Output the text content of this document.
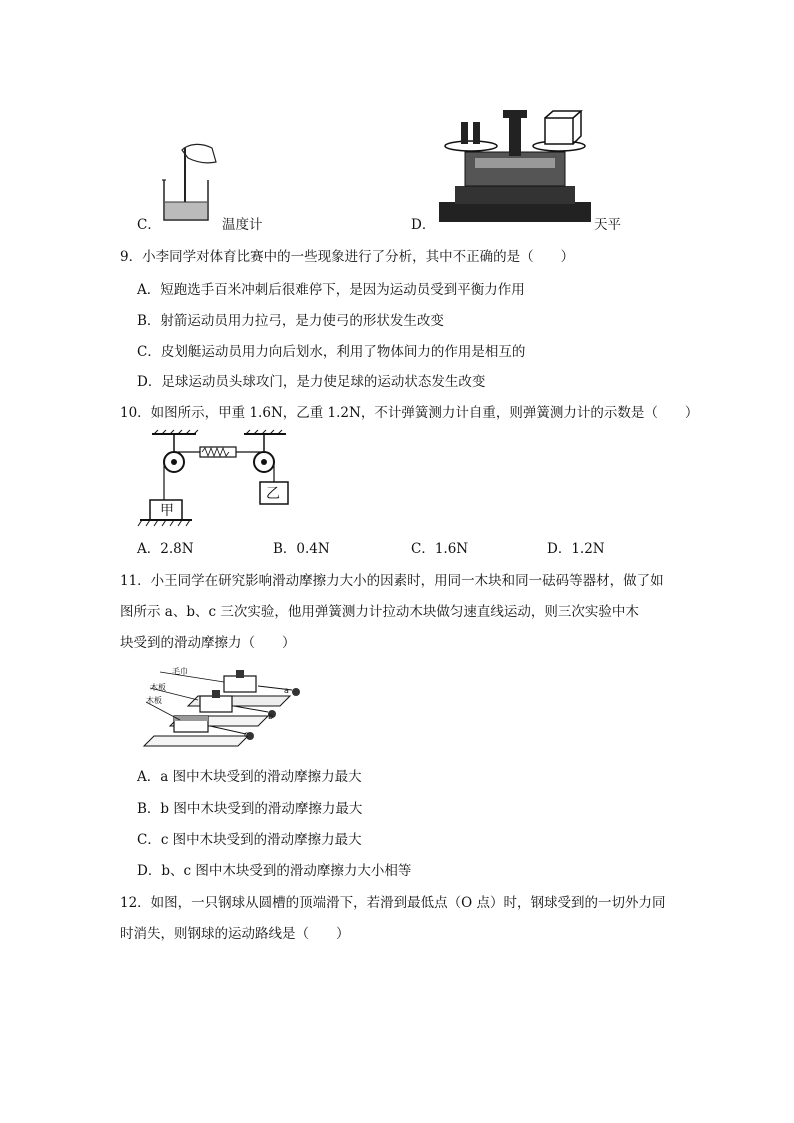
C．	温度计	D．	天平
9．小李同学对体育比赛中的一些现象进行了分析，其中不正确的是（　　）
A．短跑选手百米冲刺后很难停下，是因为运动员受到平衡力作用
B．射箭运动员用力拉弓，是力使弓的形状发生改变
C．皮划艇运动员用力向后划水，利用了物体间力的作用是相互的
D．足球运动员头球攻门，是力使足球的运动状态发生改变
10．如图所示，甲重 1.6N，乙重 1.2N，不计弹簧测力计自重，则弹簧测力计的示数是（　　）
甲
乙
A．2.8N	B．0.4N	C．1.6N	D．1.2N
11．小王同学在研究影响滑动摩擦力大小的因素时，用同一木块和同一砝码等器材，做了如
图所示 a、b、c 三次实验，他用弹簧测力计拉动木块做匀速直线运动，则三次实验中木
块受到的滑动摩擦力（　　）
毛巾
木板
木板
a
b
c
A．a 图中木块受到的滑动摩擦力最大
B．b 图中木块受到的滑动摩擦力最大
C．c 图中木块受到的滑动摩擦力最大
D．b、c 图中木块受到的滑动摩擦力大小相等
12．如图，一只钢球从圆槽的顶端滑下，若滑到最低点（O 点）时，钢球受到的一切外力同
时消失，则钢球的运动路线是（　　）
